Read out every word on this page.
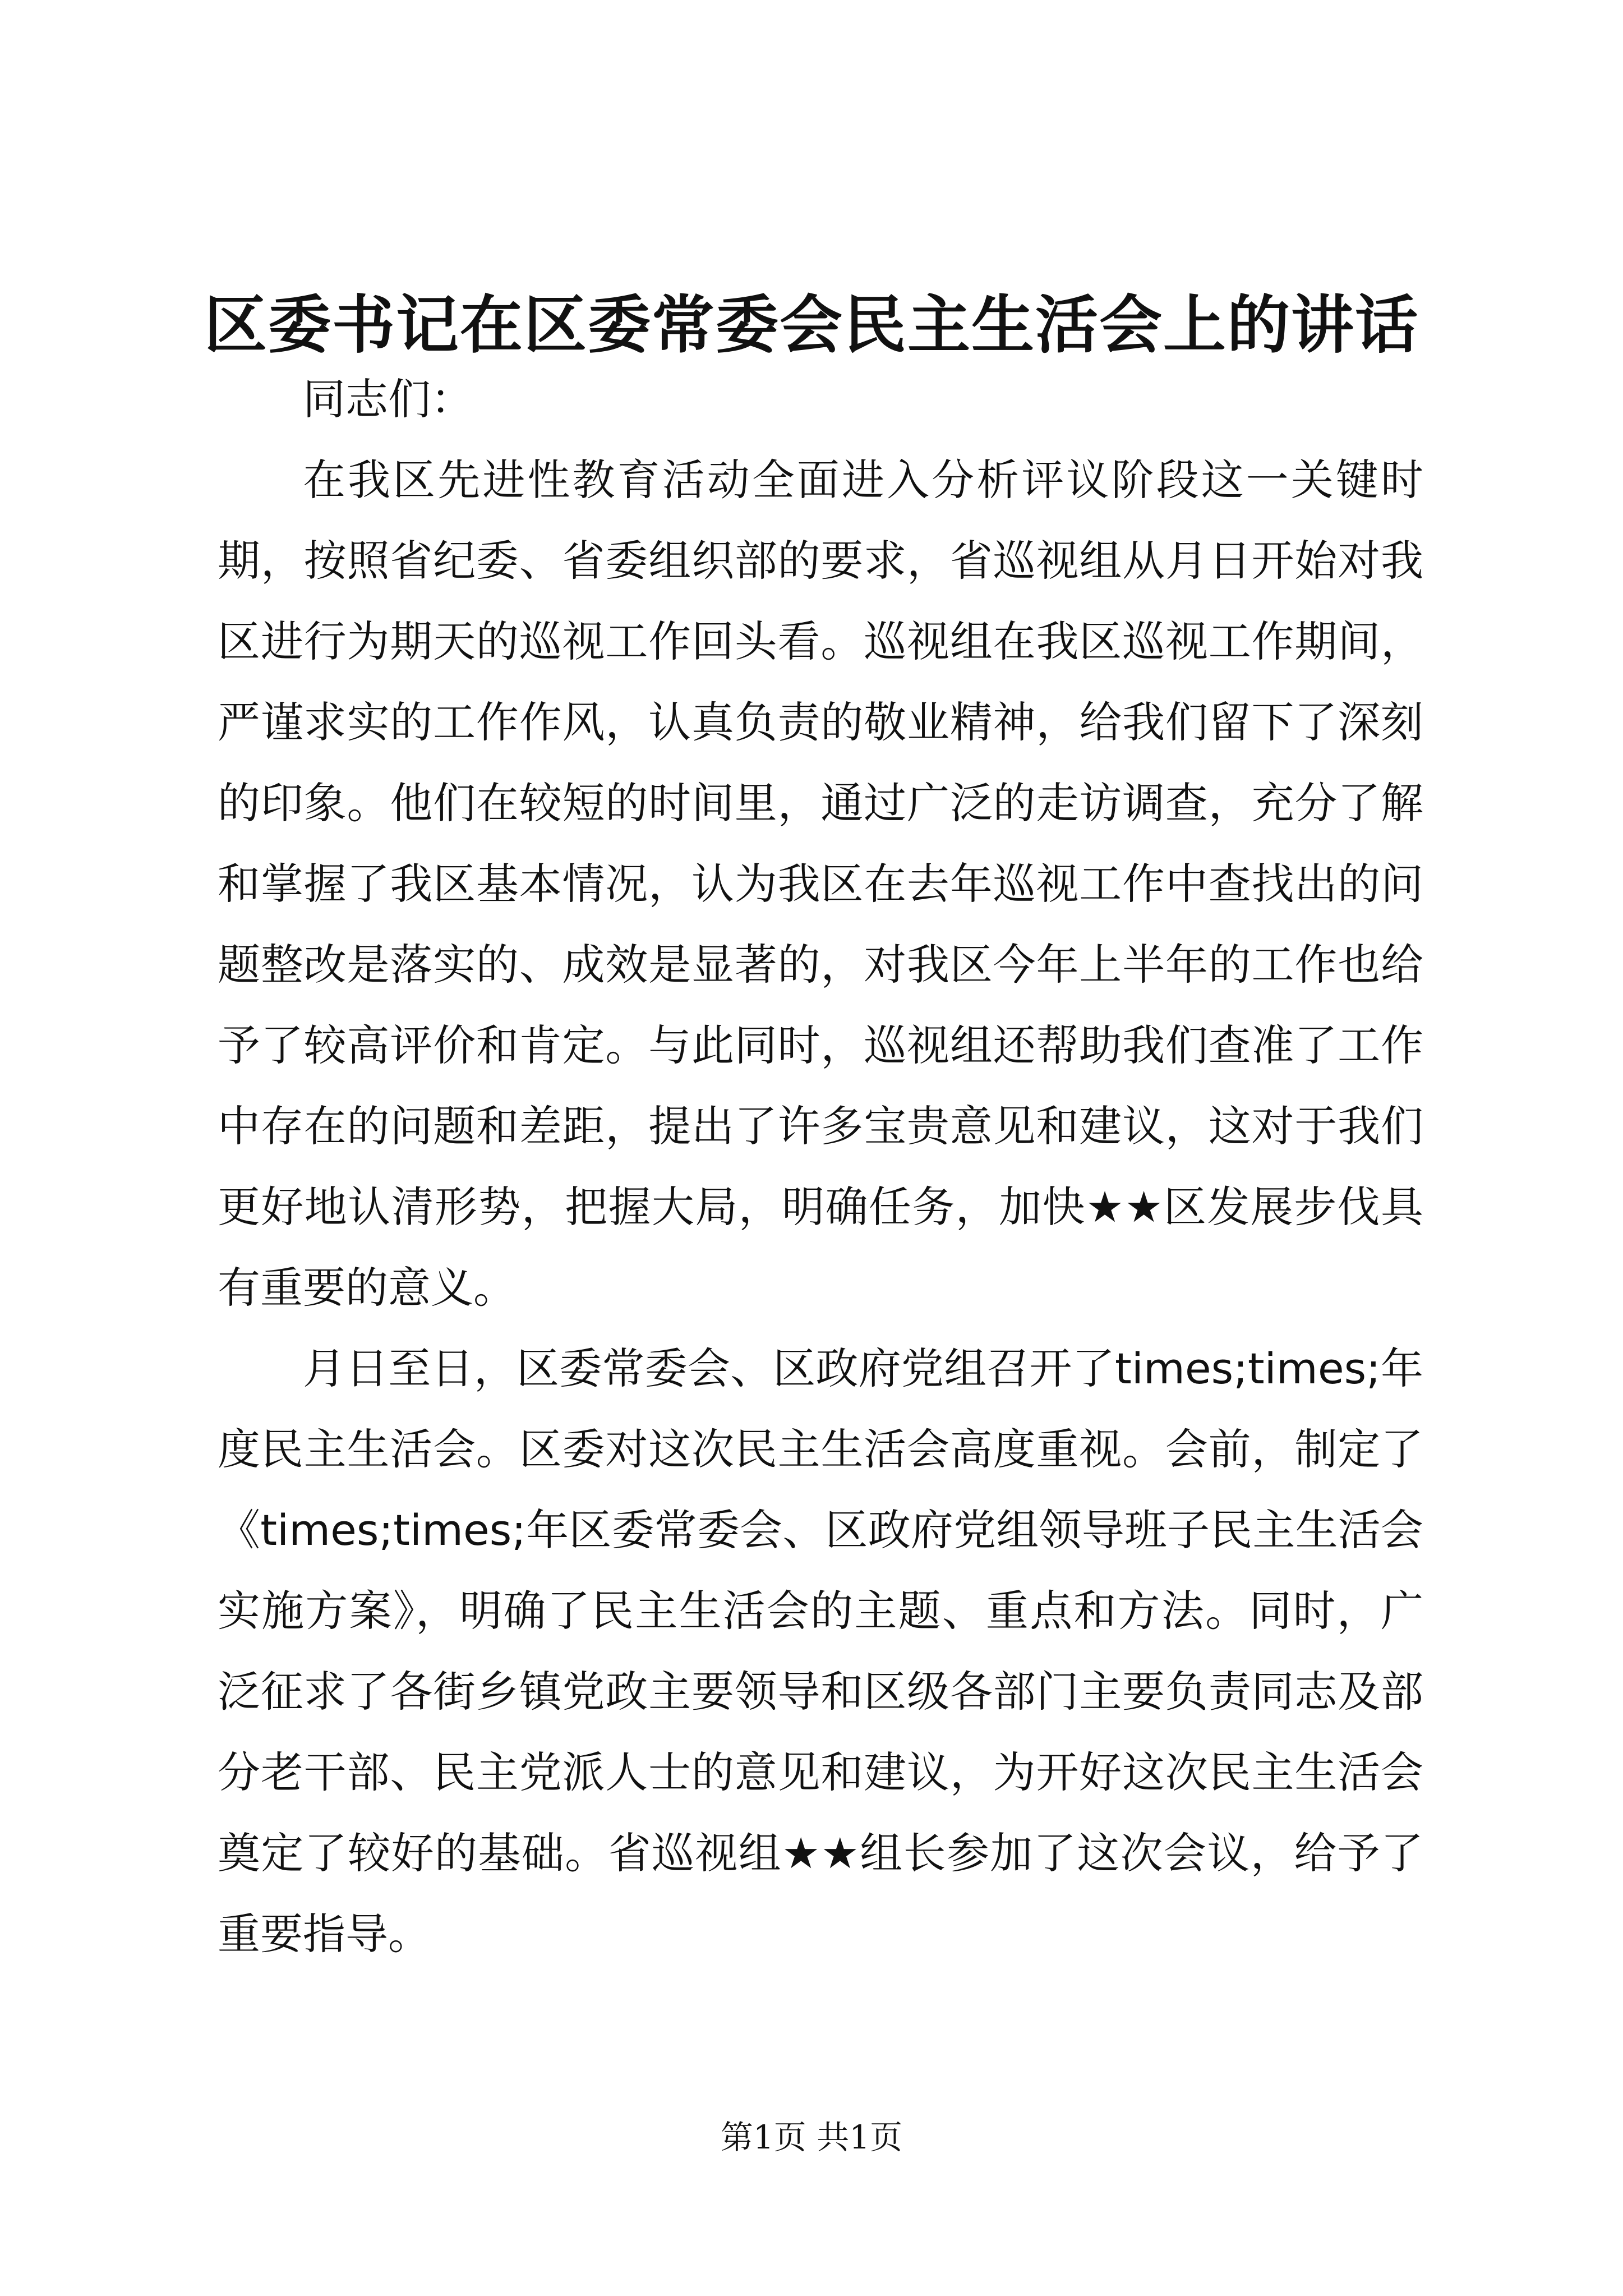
区委书记在区委常委会民主生活会上的讲话

同志们：

在我区先进性教育活动全面进入分析评议阶段这一关键时期，按照省纪委、省委组织部的要求，省巡视组从月日开始对我区进行为期天的巡视工作回头看。巡视组在我区巡视工作期间，严谨求实的工作作风，认真负责的敬业精神，给我们留下了深刻的印象。他们在较短的时间里，通过广泛的走访调查，充分了解和掌握了我区基本情况，认为我区在去年巡视工作中查找出的问题整改是落实的、成效是显著的，对我区今年上半年的工作也给予了较高评价和肯定。与此同时，巡视组还帮助我们查准了工作中存在的问题和差距，提出了许多宝贵意见和建议，这对于我们更好地认清形势，把握大局，明确任务，加快★★区发展步伐具有重要的意义。

月日至日，区委常委会、区政府党组召开了times;times;年度民主生活会。区委对这次民主生活会高度重视。会前，制定了《times;times;年区委常委会、区政府党组领导班子民主生活会实施方案》，明确了民主生活会的主题、重点和方法。同时，广泛征求了各街乡镇党政主要领导和区级各部门主要负责同志及部分老干部、民主党派人士的意见和建议，为开好这次民主生活会奠定了较好的基础。省巡视组★★组长参加了这次会议，给予了重要指导。

第1页 共1页
